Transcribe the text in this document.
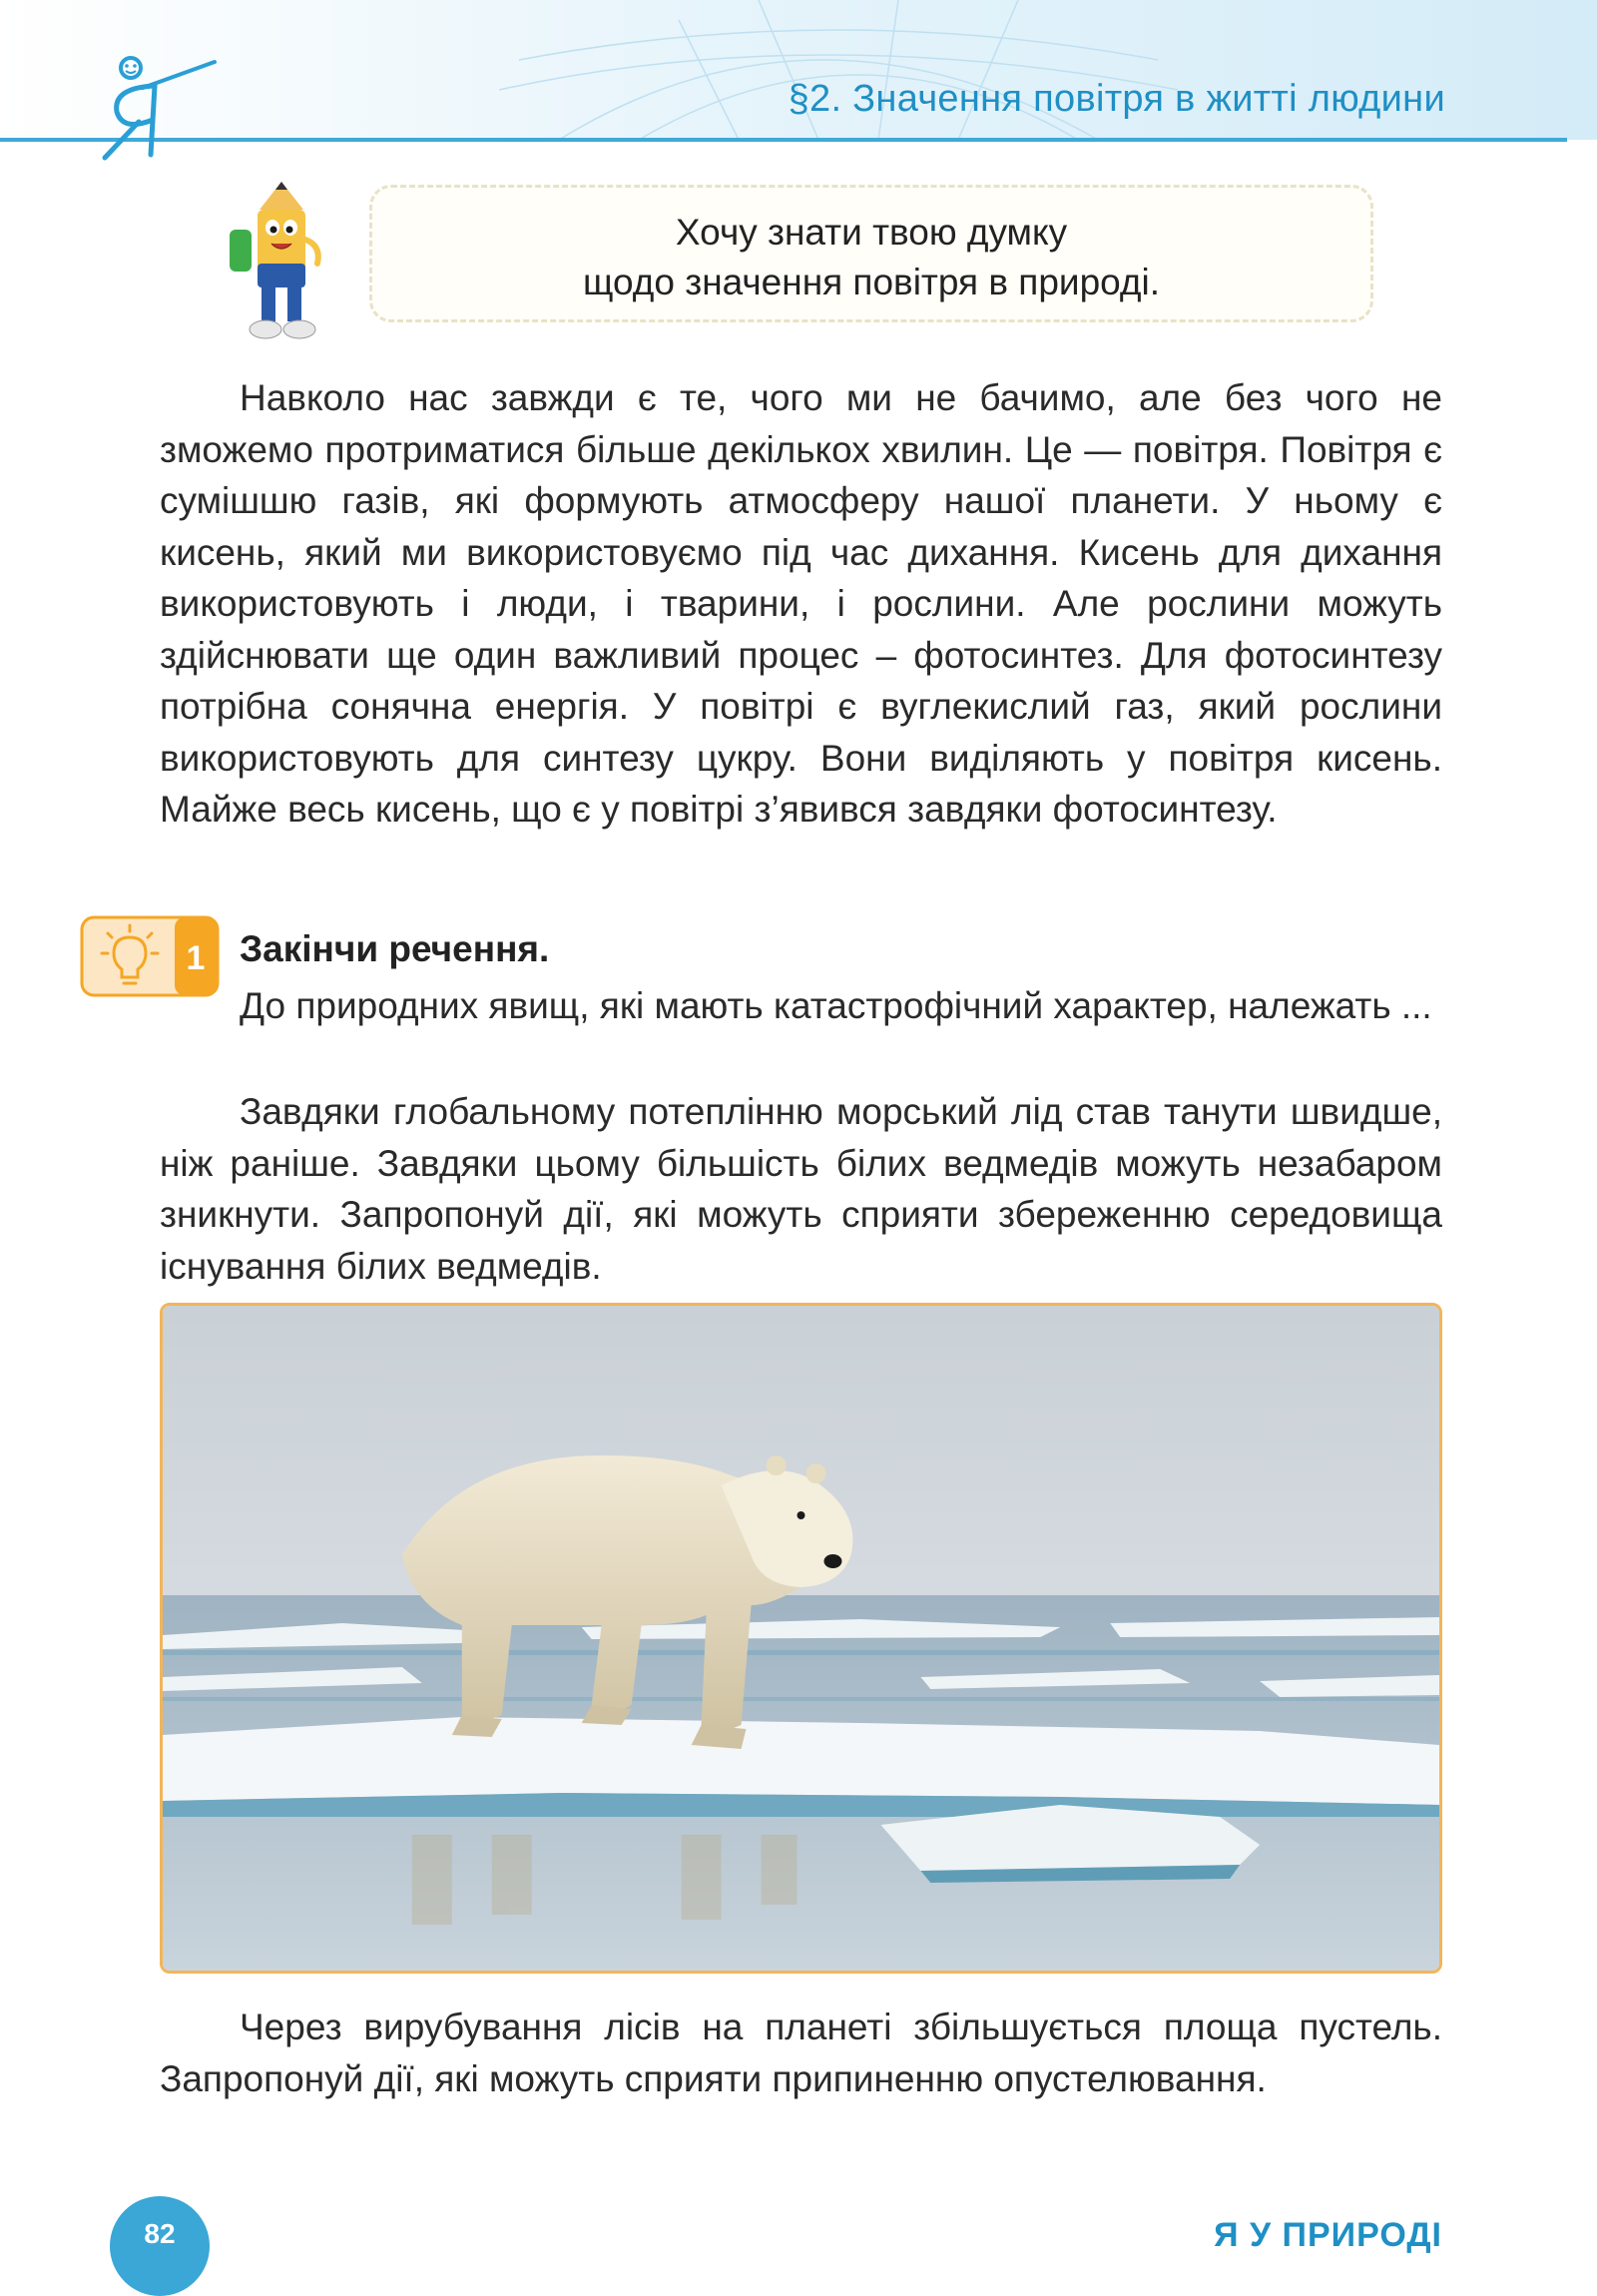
§2. Значення повітря в житті людини
Хочу знати твою думку
щодо значення повітря в природі.

Навколо нас завжди є те, чого ми не бачимо, але без чого не зможемо протриматися більше декількох хвилин. Це — повітря. Повітря є сумішшю газів, які формують атмосферу нашої планети. У ньому є кисень, який ми використовуємо під час дихання. Кисень для дихання використовують і люди, і тварини, і рослини. Але рослини можуть здійснювати ще один важливий процес – фотосинтез. Для фотосинтезу потрібна сонячна енергія. У повітрі є вуглекислий газ, який рослини використовують для синтезу цукру. Вони виділяють у повітря кисень. Майже весь кисень, що є у повітрі з’явився завдяки фотосинтезу.

1 Закінчи речення.

До природних явищ, які мають катастрофічний характер, належать ...

Завдяки глобальному потеплінню морський лід став танути швидше, ніж раніше. Завдяки цьому більшість білих ведмедів можуть незабаром зникнути. Запропонуй дії, які можуть сприяти збереженню середовища існування білих ведмедів.

Через вирубування лісів на планеті збільшується площа пустель. Запропонуй дії, які можуть сприяти припиненню опустелювання.

82	Я У ПРИРОДІ
